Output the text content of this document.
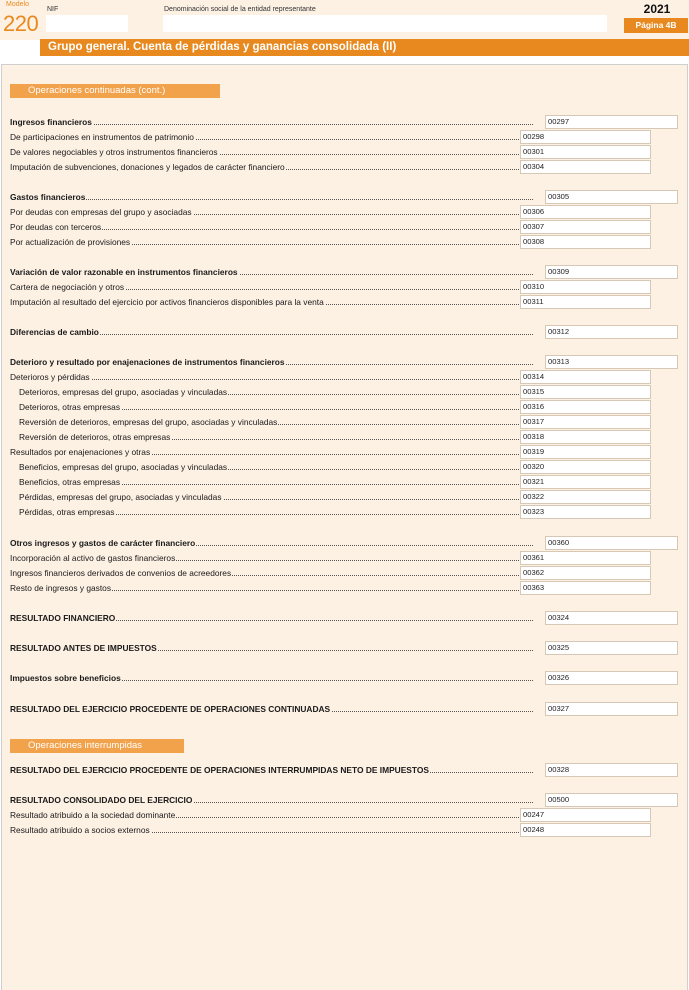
Modelo
220
NIF	Denominación social de la entidad representante	2021
Página 4B
Grupo general. Cuenta de pérdidas y ganancias consolidada (II)
Operaciones continuadas (cont.)
Operaciones interrumpidas
Ingresos financieros	00297
De participaciones en instrumentos de patrimonio	00298
De valores negociables y otros instrumentos financieros	00301
Imputación de subvenciones, donaciones y legados de carácter financiero	00304
Gastos financieros	00305
Por deudas con empresas del grupo y asociadas	00306
Por deudas con terceros	00307
Por actualización de provisiones	00308
Variación de valor razonable en instrumentos financieros	00309
Cartera de negociación y otros	00310
Imputación al resultado del ejercicio por activos financieros disponibles para la venta	00311
Diferencias de cambio	00312
Deterioro y resultado por enajenaciones de instrumentos financieros	00313
Deterioros y pérdidas	00314
Deterioros, empresas del grupo, asociadas y vinculadas	00315
Deterioros, otras empresas	00316
Reversión de deterioros, empresas del grupo, asociadas y vinculadas	00317
Reversión de deterioros, otras empresas	00318
Resultados por enajenaciones y otras	00319
Beneficios, empresas del grupo, asociadas y vinculadas	00320
Beneficios, otras empresas	00321
Pérdidas, empresas del grupo, asociadas y vinculadas	00322
Pérdidas, otras empresas	00323
Otros ingresos y gastos de carácter financiero	00360
Incorporación al activo de gastos financieros	00361
Ingresos financieros derivados de convenios de acreedores	00362
Resto de ingresos y gastos	00363
RESULTADO FINANCIERO	00324
RESULTADO ANTES DE IMPUESTOS	00325
Impuestos sobre beneficios	00326
RESULTADO DEL EJERCICIO PROCEDENTE DE OPERACIONES CONTINUADAS	00327
RESULTADO DEL EJERCICIO PROCEDENTE DE OPERACIONES INTERRUMPIDAS NETO DE IMPUESTOS	00328
RESULTADO CONSOLIDADO DEL EJERCICIO	00500
Resultado atribuido a la sociedad dominante	00247
Resultado atribuido a socios externos	00248
